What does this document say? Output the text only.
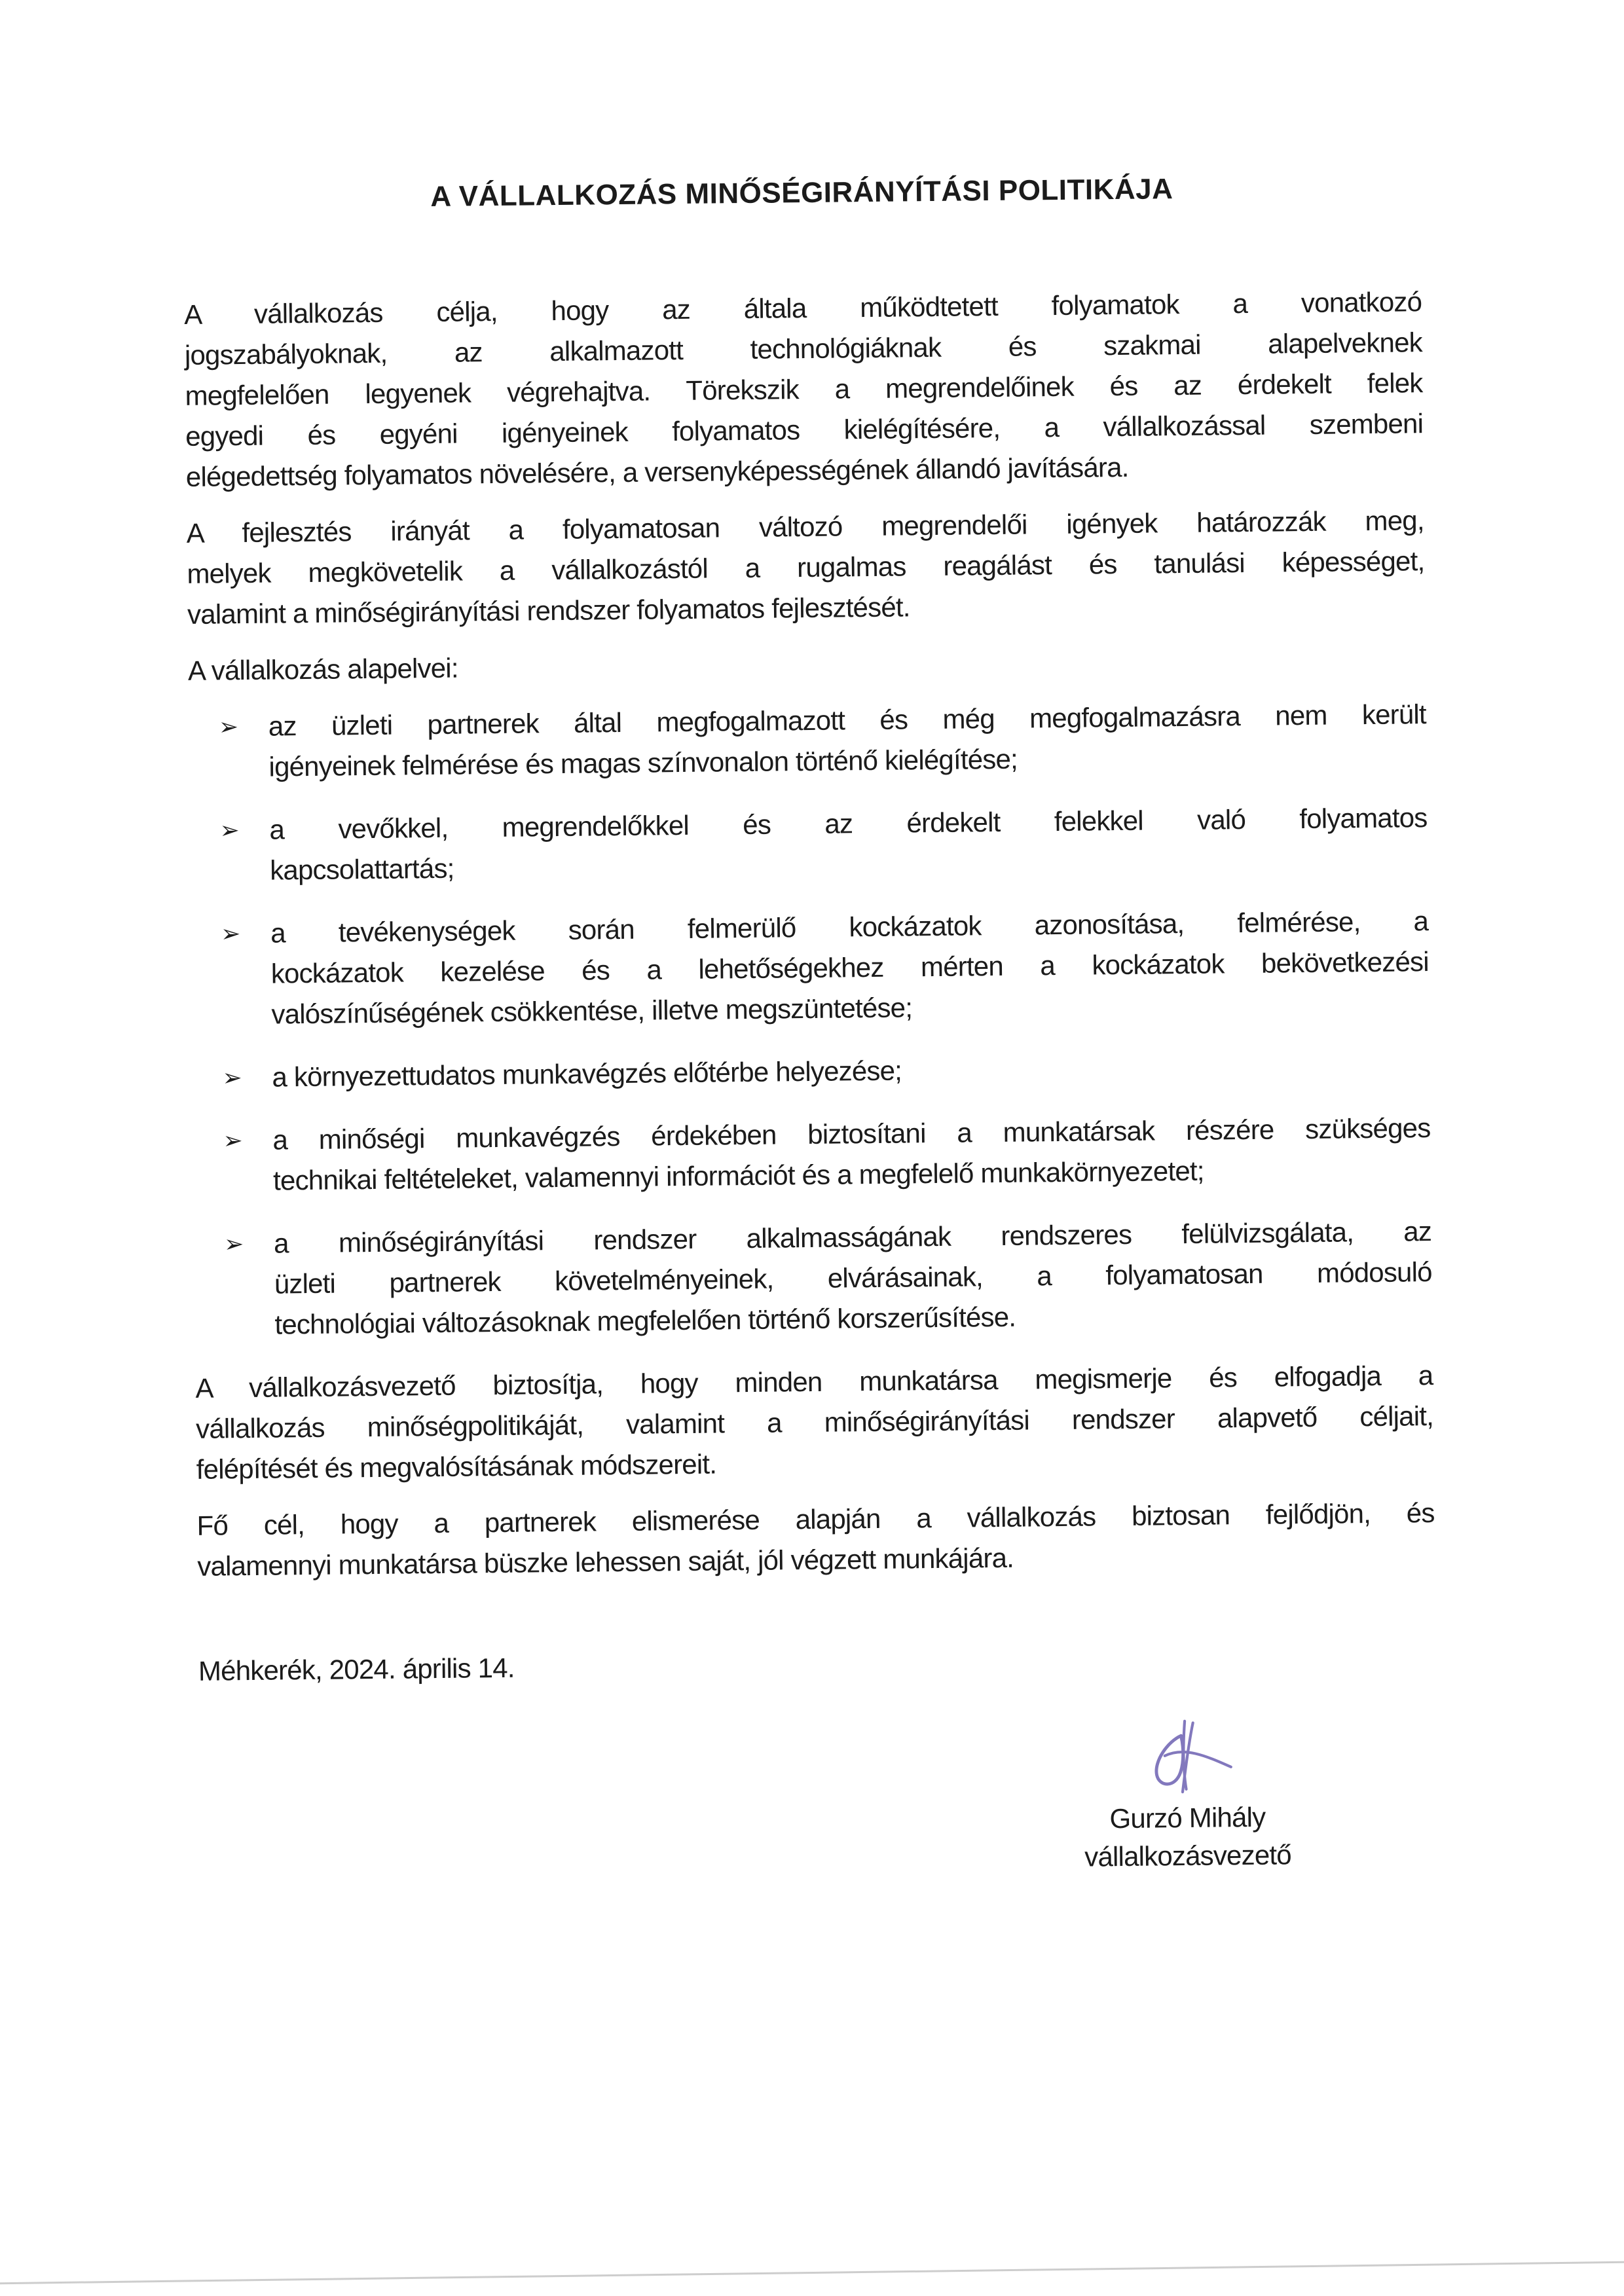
A VÁLLALKOZÁS MINŐSÉGIRÁNYÍTÁSI POLITIKÁJA
A vállalkozás célja, hogy az általa működtetett folyamatok a vonatkozó
jogszabályoknak, az alkalmazott technológiáknak és szakmai alapelveknek
megfelelően legyenek végrehajtva. Törekszik a megrendelőinek és az érdekelt felek
egyedi és egyéni igényeinek folyamatos kielégítésére, a vállalkozással szembeni
elégedettség folyamatos növelésére, a versenyképességének állandó javítására.
A fejlesztés irányát a folyamatosan változó megrendelői igények határozzák meg,
melyek megkövetelik a vállalkozástól a rugalmas reagálást és tanulási képességet,
valamint a minőségirányítási rendszer folyamatos fejlesztését.
A vállalkozás alapelvei:
➢	az üzleti partnerek által megfogalmazott és még megfogalmazásra nem került
igényeinek felmérése és magas színvonalon történő kielégítése;
➢	a vevőkkel, megrendelőkkel és az érdekelt felekkel való folyamatos
kapcsolattartás;
➢	a tevékenységek során felmerülő kockázatok azonosítása, felmérése, a
kockázatok kezelése és a lehetőségekhez mérten a kockázatok bekövetkezési
valószínűségének csökkentése, illetve megszüntetése;
➢	a környezettudatos munkavégzés előtérbe helyezése;
➢	a minőségi munkavégzés érdekében biztosítani a munkatársak részére szükséges
technikai feltételeket, valamennyi információt és a megfelelő munkakörnyezetet;
➢	a minőségirányítási rendszer alkalmasságának rendszeres felülvizsgálata, az
üzleti partnerek követelményeinek, elvárásainak, a folyamatosan módosuló
technológiai változásoknak megfelelően történő korszerűsítése.
A vállalkozásvezető biztosítja, hogy minden munkatársa megismerje és elfogadja a
vállalkozás minőségpolitikáját, valamint a minőségirányítási rendszer alapvető céljait,
felépítését és megvalósításának módszereit.
Fő cél, hogy a partnerek elismerése alapján a vállalkozás biztosan fejlődjön, és
valamennyi munkatársa büszke lehessen saját, jól végzett munkájára.
Méhkerék, 2024. április 14.
Gurzó Mihály
vállalkozásvezető
